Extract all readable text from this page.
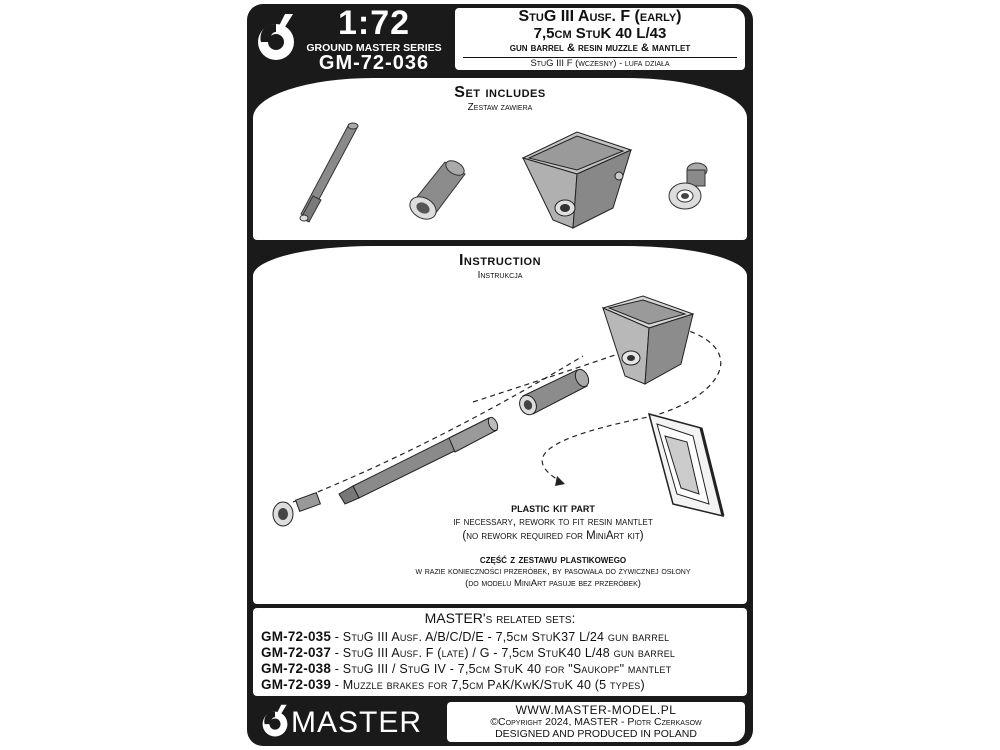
1:72
GROUND MASTER SERIES
GM-72-036
StuG III Ausf. F (early)
7,5cm StuK 40 L/43
gun barrel & resin muzzle & mantlet
StuG III F (wczesny) - lufa działa
Set includes
Zestaw zawiera
Instruction
Instrukcja
plastic kit part
if necessary, rework to fit resin mantlet
(no rework required for MiniArt kit)
część z zestawu plastikowego
w razie konieczności przeróbek, by pasowała do żywicznej osłony
(do modelu MiniArt pasuje bez przeróbek)
MASTER's related sets:
GM-72-035 - StuG III Ausf. A/B/C/D/E - 7,5cm StuK37 L/24 gun barrel
GM-72-037 - StuG III Ausf. F (late) / G - 7,5cm StuK40 L/48 gun barrel
GM-72-038 - StuG III / StuG IV - 7,5cm StuK 40 for "Saukopf" mantlet
GM-72-039 - Muzzle brakes for 7,5cm PaK/KwK/StuK 40 (5 types)
MASTER	WWW.MASTER-MODEL.PL
©Copyright 2024, MASTER - Piotr Czerkasow
DESIGNED AND PRODUCED IN POLAND
